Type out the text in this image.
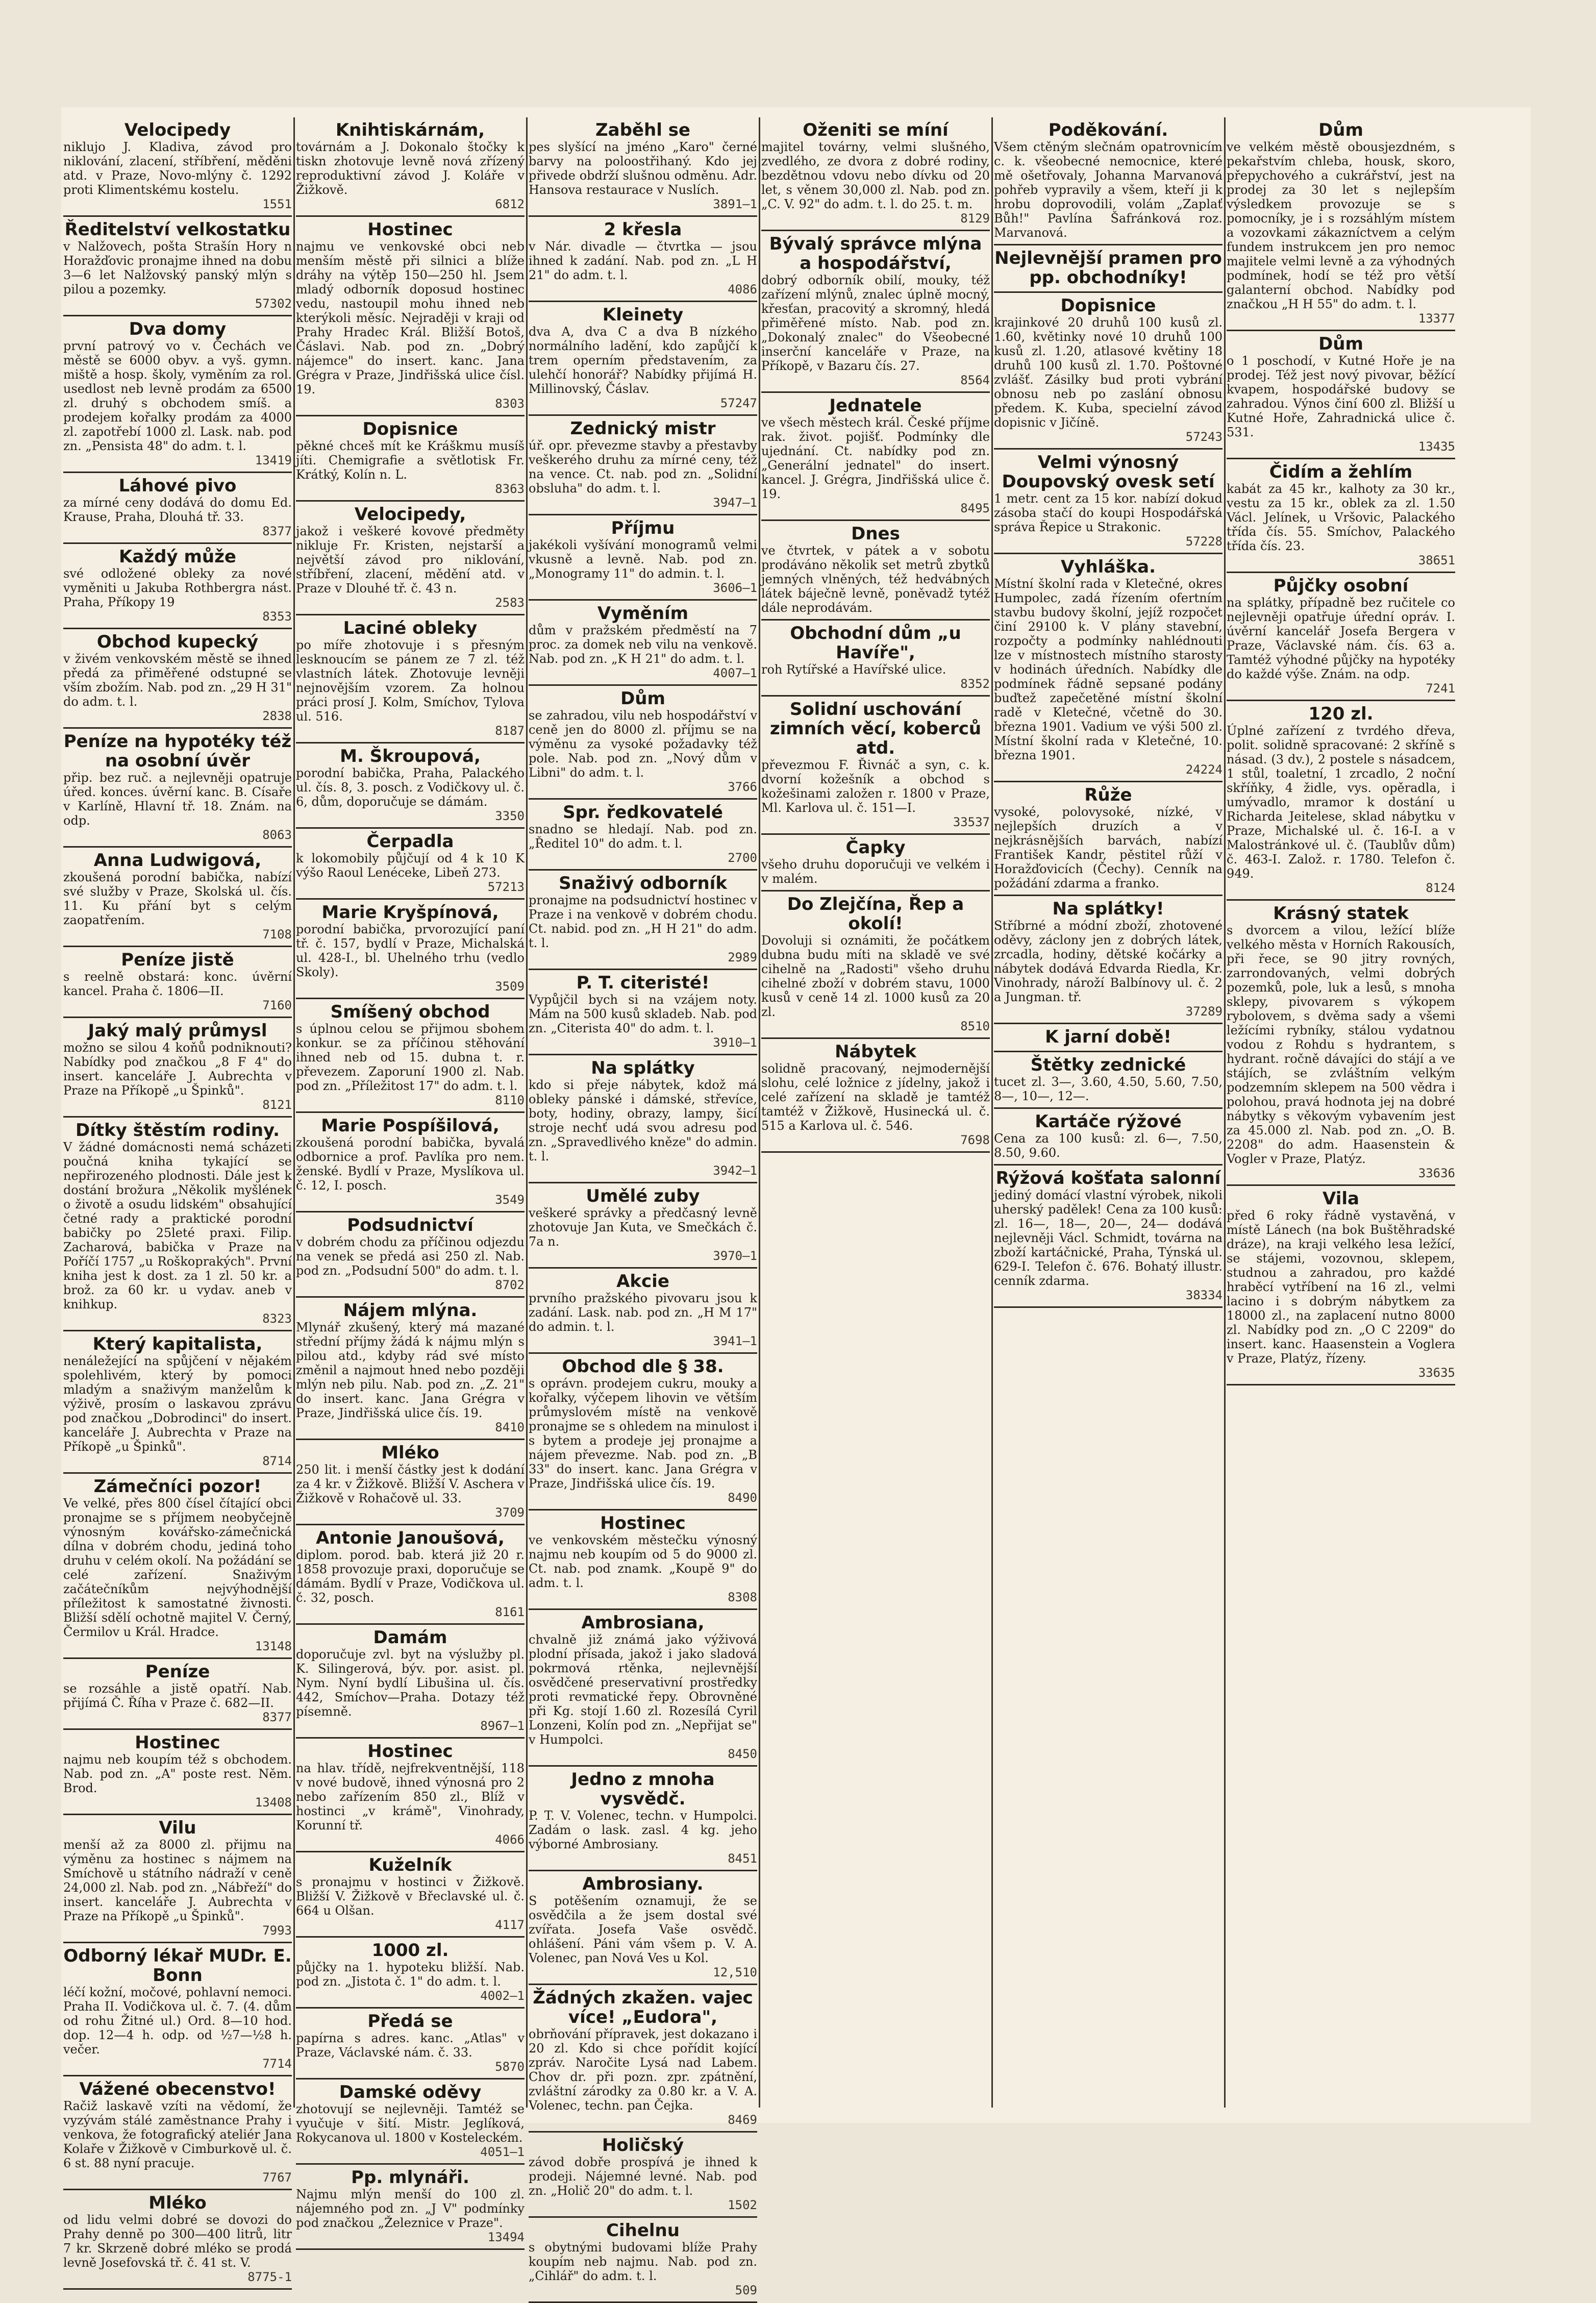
Velocipedy
niklujo J. Kladiva, závod pro niklování, zlacení, stříbření, měděni atd. v Praze, Novo-mlýny č. 1292 proti Klimentskému kostelu.
1551
Ředitelství velkostatku
v Nalžovech, pošta Strašín Hory n Horažďovic pronajme ihned na dobu 3—6 let Nalžovský panský mlýn s pilou a pozemky.
57302
Dva domy
první patrový vo v. Čechách ve městě se 6000 obyv. a vyš. gymn. miště a hosp. školy, vyměním za rol. usedlost neb levně prodám za 6500 zl. druhý s obchodem smíš. a prodejem kořalky prodám za 4000 zl. zapotřebí 1000 zl. Lask. nab. pod zn. „Pensista 48" do adm. t. l.
13419
Láhové pivo
za mírné ceny dodává do domu Ed. Krause, Praha, Dlouhá tř. 33.
8377
Každý může
své odložené obleky za nové vyměniti u Jakuba Rothbergra nást. Praha, Příkopy 19
8353
Obchod kupecký
v živém venkovském městě se ihned předá za přiměřené odstupné se vším zbožím. Nab. pod zn. „29 H 31" do adm. t. l.
2838
Peníze na hypotéky též na osobní úvěr
přip. bez ruč. a nejlevněji opatruje úřed. konces. úvěrní kanc. B. Císaře v Karlíně, Hlavní tř. 18. Znám. na odp.
8063
Anna Ludwigová,
zkoušená porodní babička, nabízí své služby v Praze, Skolská ul. čís. 11. Ku přání byt s celým zaopatřením.
7108
Peníze jistě
s reelně obstará: konc. úvěrní kancel. Praha č. 1806—II.
7160
Jaký malý průmysl
možno se silou 4 koňů podniknouti? Nabídky pod značkou „8 F 4" do insert. kanceláře J. Aubrechta v Praze na Příkopě „u Špinků".
8121
Dítky štěstím rodiny.
V žádné domácnosti nemá scházeti poučná kniha tykající se nepřirozeného plodnosti. Dále jest k dostání brožura „Několik myšlének o životě a osudu lidském" obsahující četné rady a praktické porodní babičky po 25leté praxi. Filip. Zacharová, babička v Praze na Poříčí 1757 „u Roškoprakých". První kniha jest k dost. za 1 zl. 50 kr. a brož. za 60 kr. u vydav. aneb v knihkup.
8323
Který kapitalista,
nenáležející na spůjčení v nějakém spolehlivém, který by pomoci mladým a snaživým manželům k výživě, prosím o laskavou zprávu pod značkou „Dobrodinci" do insert. kanceláře J. Aubrechta v Praze na Příkopě „u Špinků".
8714
Zámečníci pozor!
Ve velké, přes 800 čísel čítající obci pronajme se s příjmem neobyčejně výnosným kovářsko-zámečnická dílna v dobrém chodu, jediná toho druhu v celém okolí. Na požádání se celé zařízení. Snaživým začátečníkům nejvýhodnější příležitost k samostatné živnosti. Bližší sdělí ochotně majitel V. Černý, Čermilov u Král. Hradce.
13148
Peníze
se rozsáhle a jistě opatří. Nab. přijímá Č. Říha v Praze č. 682—II.
8377
Hostinec
najmu neb koupím též s obchodem. Nab. pod zn. „A" poste rest. Něm. Brod.
13408
Vilu
menší až za 8000 zl. přijmu na výměnu za hostinec s nájmem na Smíchově u státního nádraží v ceně 24,000 zl. Nab. pod zn. „Nábřeží" do insert. kanceláře J. Aubrechta v Praze na Příkopě „u Špinků".
7993
Odborný lékař MUDr. E. Bonn
léčí kožní, močové, pohlavní nemoci. Praha II. Vodičkova ul. č. 7. (4. dům od rohu Žitné ul.) Ord. 8—10 hod. dop. 12—4 h. odp. od ½7—½8 h. večer.
7714
Vážené obecenstvo!
Račiž laskavě vzíti na vědomí, že vyzývám stálé zaměstnance Prahy i venkova, že fotografický ateliér Jana Kolaře v Žižkově v Cimburkově ul. č. 6 st. 88 nyní pracuje.
7767
Mléko
od lidu velmi dobré se dovozi do Prahy denně po 300—400 litrů, litr 7 kr. Skrzeně dobré mléko se prodá levně Josefovská tř. č. 41 st. V.
8775-1
Knihtiskárnám,
továrnám a J. Dokonalo štočky k tiskn zhotovuje levně nová zřízený reproduktivní závod J. Koláře v Žižkově.
6812
Hostinec
najmu ve venkovské obci neb menším městě při silnici a blíže dráhy na výtěp 150—250 hl. Jsem mladý odborník doposud hostinec vedu, nastoupil mohu ihned neb kterýkoli měsíc. Nejraději v kraji od Prahy Hradec Král. Bližší Botoš, Čáslavi. Nab. pod zn. „Dobrý nájemce" do insert. kanc. Jana Grégra v Praze, Jindřišská ulice čísl. 19.
8303
Dopisnice
pěkné chceš mít ke Kráškmu musíš jíti. Chemigrafie a světlotisk Fr. Krátký, Kolín n. L.
8363
Velocipedy,
jakož i veškeré kovové předměty nikluje Fr. Kristen, nejstarší a největší závod pro niklování, stříbření, zlacení, mědění atd. v Praze v Dlouhé tř. č. 43 n.
2583
Laciné obleky
po míře zhotovuje i s přesným lesknoucím se pánem ze 7 zl. též vlastních látek. Zhotovuje levněji nejnovějším vzorem. Za holnou práci prosí J. Kolm, Smíchov, Tylova ul. 516.
8187
M. Škroupová,
porodní babička, Praha, Palackého ul. čís. 8, 3. posch. z Vodičkovy ul. č. 6, dům, doporučuje se dámám.
3350
Čerpadla
k lokomobily půjčují od 4 k 10 K výšo Raoul Lenéceke, Libeň 273.
57213
Marie Kryšpínová,
porodní babička, prvorozující paní tř. č. 157, bydlí v Praze, Michalská ul. 428-I., bl. Uhelného trhu (vedlo Skoly).
3509
Smíšený obchod
s úplnou celou se přijmou sbohem konkur. se za příčinou stěhování ihned neb od 15. dubna t. r. převezem. Zaporuní 1900 zl. Nab. pod zn. „Příležitost 17" do adm. t. l.
8110
Marie Pospíšilová,
zkoušená porodní babička, byvalá odbornice a prof. Pavlíka pro nem. ženské. Bydlí v Praze, Myslíkova ul. č. 12, I. posch.
3549
Podsudnictví
v dobrém chodu za příčinou odjezdu na venek se předá asi 250 zl. Nab. pod zn. „Podsudní 500" do adm. t. l.
8702
Nájem mlýna.
Mlynář zkušený, který má mazané střední příjmy žádá k nájmu mlýn s pilou atd., kdyby rád své místo změnil a najmout hned nebo později mlýn neb pilu. Nab. pod zn. „Z. 21" do insert. kanc. Jana Grégra v Praze, Jindřišská ulice čís. 19.
8410
Mléko
250 lit. i menší částky jest k dodání za 4 kr. v Žižkově. Bližší V. Aschera v Žižkově v Rohačově ul. 33.
3709
Antonie Janoušová,
diplom. porod. bab. která již 20 r. 1858 provozuje praxi, doporučuje se dámám. Bydlí v Praze, Vodičkova ul. č. 32, posch.
8161
Damám
doporučuje zvl. byt na výslužby pl. K. Silingerová, býv. por. asist. pl. Nym. Nyní bydlí Libušina ul. čís. 442, Smíchov—Praha. Dotazy též písemně.
8967—1
Hostinec
na hlav. třídě, nejfrekventnější, 118 v nové budově, ihned výnosná pro 2 nebo zařízením 850 zl., Blíž v hostinci „v krámě", Vinohrady, Korunní tř.
4066
Kuželník
s pronajmu v hostinci v Žižkově. Bližší V. Žižkově v Břeclavské ul. č. 664 u Olšan.
4117
1000 zl.
půjčky na 1. hypoteku bližší. Nab. pod zn. „Jistota č. 1" do adm. t. l.
4002—1
Předá se
papírna s adres. kanc. „Atlas" v Praze, Václavské nám. č. 33.
5870
Damské oděvy
zhotovují se nejlevněji. Tamtéž se vyučuje v šití. Mistr. Jeglíková, Rokycanova ul. 1800 v Kosteleckém.
4051—1
Pp. mlynáři.
Najmu mlýn menší do 100 zl. nájemného pod zn. „J V" podmínky pod značkou „Železnice v Praze".
13494
Zaběhl se
pes slyšící na jméno „Karo" černé barvy na poloostřihaný. Kdo jej přivede obdrží slušnou odměnu. Adr. Hansova restaurace v Nuslích.
3891—1
2 křesla
v Nár. divadle — čtvrtka — jsou ihned k zadání. Nab. pod zn. „L H 21" do adm. t. l.
4086
Kleinety
dva A, dva C a dva B nízkého normálního ladění, kdo zapůjčí k trem operním představením, za ulehčí honorář? Nabídky přijímá H. Millinovský, Čáslav.
57247
Zednický mistr
úř. opr. převezme stavby a přestavby veškerého druhu za mírné ceny, též na vence. Ct. nab. pod zn. „Solidní obsluha" do adm. t. l.
3947—1
Příjmu
jakékoli vyšívání monogramů velmi vkusně a levně. Nab. pod zn. „Monogramy 11" do admin. t. l.
3606—1
Vyměním
dům v pražském předměstí na 7 proc. za domek neb vilu na venkově. Nab. pod zn. „K H 21" do adm. t. l.
4007—1
Dům
se zahradou, vilu neb hospodářství v ceně jen do 8000 zl. příjmu se na výměnu za vysoké požadavky též pole. Nab. pod zn. „Nový dům v Libni" do adm. t. l.
3766
Spr. ředkovatelé
snadno se hledají. Nab. pod zn. „Ředitel 10" do adm. t. l.
2700
Snaživý odborník
pronajme na podsudnictví hostinec v Praze i na venkově v dobrém chodu. Ct. nabid. pod zn. „H H 21" do adm. t. l.
2989
P. T. citeristé!
Vypůjčil bych si na vzájem noty. Mám na 500 kusů skladeb. Nab. pod zn. „Citerista 40" do adm. t. l.
3910—1
Na splátky
kdo si přeje nábytek, kdož má obleky pánské i dámské, střevíce, boty, hodiny, obrazy, lampy, šicí stroje nechť udá svou adresu pod zn. „Spravedlivého kněze" do admin. t. l.
3942—1
Umělé zuby
veškeré správky a předčasný levně zhotovuje Jan Kuta, ve Smečkách č. 7a n.
3970—1
Akcie
prvního pražského pivovaru jsou k zadání. Lask. nab. pod zn. „H M 17" do admin. t. l.
3941—1
Obchod dle § 38.
s oprávn. prodejem cukru, mouky a kořalky, výčepem lihovin ve větším průmyslovém místě na venkově pronajme se s ohledem na minulost i s bytem a prodeje jej pronajme a nájem převezme. Nab. pod zn. „B 33" do insert. kanc. Jana Grégra v Praze, Jindřišská ulice čís. 19.
8490
Hostinec
ve venkovském městečku výnosný najmu neb koupím od 5 do 9000 zl. Ct. nab. pod znamk. „Koupě 9" do adm. t. l.
8308
Ambrosiana,
chvalně již známá jako výživová plodní přísada, jakož i jako sladová pokrmová rtěnka, nejlevnější osvědčené preservativní prostředky proti revmatické řepy. Obrovněné při Kg. stojí 1.60 zl. Rozesílá Cyril Lonzeni, Kolín pod zn. „Nepřijat se" v Humpolci.
8450
Jedno z mnoha vysvědč.
P. T. V. Volenec, techn. v Humpolci. Zadám o lask. zasl. 4 kg. jeho výborné Ambrosiany.
8451
Ambrosiany.
S potěšením oznamuji, že se osvědčila a že jsem dostal své zvířata. Josefa Vaše osvědč. ohlášení. Páni vám všem p. V. A. Volenec, pan Nová Ves u Kol.
12,510
Žádných zkažen. vajec více! „Eudora",
obrňování přípravek, jest dokazano i 20 zl. Kdo si chce pořídit kojící zpráv. Naročite Lysá nad Labem. Chov dr. při pozn. zpr. zpátnění, zvláštní zárodky za 0.80 kr. a V. A. Volenec, techn. pan Čejka.
8469
Holičský
závod dobře prospívá je ihned k prodeji. Nájemné levné. Nab. pod zn. „Holič 20" do adm. t. l.
1502
Cihelnu
s obytnými budovami blíže Prahy koupím neb najmu. Nab. pod zn. „Cihlář" do adm. t. l.
509
Oženiti se míní
majitel továrny, velmi slušného, zvedlého, ze dvora z dobré rodiny, bezdětnou vdovu nebo dívku od 20 let, s věnem 30,000 zl. Nab. pod zn. „C. V. 92" do adm. t. l. do 25. t. m.
8129
Bývalý správce mlýna a hospodářství,
dobrý odborník obilí, mouky, též zařízení mlýnů, znalec úplně mocný, křesťan, pracovitý a skromný, hledá přiměřené místo. Nab. pod zn. „Dokonalý znalec" do Všeobecné inserční kanceláře v Praze, na Příkopě, v Bazaru čís. 27.
8564
Jednatele
ve všech městech král. České příjme rak. život. pojišť. Podmínky dle ujednání. Ct. nabídky pod zn. „Generální jednatel" do insert. kancel. J. Grégra, Jindřišská ulice č. 19.
8495
Dnes
ve čtvrtek, v pátek a v sobotu prodáváno několik set metrů zbytků jemných vlněných, též hedvábných látek báječně levně, poněvadž tytéž dále neprodávám.
Obchodní dům „u Havíře",
roh Rytířské a Havířské ulice.
8352
Solidní uschování zimních věcí, koberců atd.
převezmou F. Řivnáč a syn, c. k. dvorní kožešník a obchod s kožešinami založen r. 1800 v Praze, Ml. Karlova ul. č. 151—I.
33537
Čapky
všeho druhu doporučuji ve velkém i v malém.
Do Zlejčína, Řep a okolí!
Dovoluji si oznámiti, že počátkem dubna budu míti na skladě ve své cihelně na „Radosti" všeho druhu cihelné zboží v dobrém stavu, 1000 kusů v ceně 14 zl. 1000 kusů za 20 zl.
8510
Nábytek
solidně pracovaný, nejmodernější slohu, celé ložnice z jídelny, jakož i celé zařízení na skladě je tamtéž tamtéž v Žižkově, Husinecká ul. č. 515 a Karlova ul. č. 546.
7698
Poděkování.
Všem ctěným slečnám opatrovnicím c. k. všeobecné nemocnice, které mě ošetřovaly, Johanna Marvanová pohřeb vypravily a všem, kteří ji k hrobu doprovodili, volám „Zaplať Bůh!" Pavlína Šafránková roz. Marvanová.
Nejlevnější pramen pro pp. obchodníky!
Dopisnice
krajinkové 20 druhů 100 kusů zl. 1.60, květinky nové 10 druhů 100 kusů zl. 1.20, atlasové květiny 18 druhů 100 kusů zl. 1.70. Poštovné zvlášť. Zásilky bud proti vybrání obnosu neb po zaslání obnosu předem. K. Kuba, specielní závod dopisnic v Jičíně.
57243
Velmi výnosný Doupovský ovesk setí
1 metr. cent za 15 kor. nabízí dokud zásoba stačí do koupi Hospodářská správa Řepice u Strakonic.
57228
Vyhláška.
Místní školní rada v Kletečné, okres Humpolec, zadá řízením ofertním stavbu budovy školní, jejíž rozpočet činí 29100 k. V plány stavební, rozpočty a podmínky nahlédnouti lze v místnostech místního starosty v hodinách úředních. Nabídky dle podmínek řádně sepsané podány buďtež zapečetěné místní školní radě v Kletečné, včetně do 30. března 1901. Vadium ve výši 500 zl. Místní školní rada v Kletečné, 10. března 1901.
24224
Růže
vysoké, polovysoké, nízké, v nejlepších druzích a v nejkrásnějších barvách, nabízí František Kandr, pěstitel růží v Horažďovicích (Čechy). Cenník na požádání zdarma a franko.
Na splátky!
Stříbrné a módní zboží, zhotovené oděvy, záclony jen z dobrých látek, zrcadla, hodiny, dětské kočárky a nábytek dodává Edvarda Riedla, Kr. Vinohrady, nároží Balbínovy ul. č. 2 a Jungman. tř.
37289
K jarní době!
Štětky zednické
tucet zl. 3—, 3.60, 4.50, 5.60, 7.50, 8—, 10—, 12—.
Kartáče rýžové
Cena za 100 kusů: zl. 6—, 7.50, 8.50, 9.60.
Rýžová košťata salonní
jediný domácí vlastní výrobek, nikoli uherský padělek! Cena za 100 kusů: zl. 16—, 18—, 20—, 24— dodává nejlevněji Václ. Schmidt, továrna na zboží kartáčnické, Praha, Týnská ul. 629-I. Telefon č. 676. Bohatý illustr. cenník zdarma.
38334
Dům
ve velkém městě obousjezdném, s pekařstvím chleba, housk, skoro, přepychového a cukrářství, jest na prodej za 30 let s nejlepším výsledkem provozuje se s pomocníky, je i s rozsáhlým místem a vozovkami zákazníctvem a celým fundem instrukcem jen pro nemoc majitele velmi levně a za výhodných podmínek, hodí se též pro větší galanterní obchod. Nabídky pod značkou „H H 55" do adm. t. l.
13377
Dům
o 1 poschodí, v Kutné Hoře je na prodej. Též jest nový pivovar, běžící kvapem, hospodářské budovy se zahradou. Výnos činí 600 zl. Bližší u Kutné Hoře, Zahradnická ulice č. 531.
13435
Čidím a žehlím
kabát za 45 kr., kalhoty za 30 kr., vestu za 15 kr., oblek za zl. 1.50 Václ. Jelínek, u Vršovic, Palackého třída čís. 55. Smíchov, Palackého třída čís. 23.
38651
Půjčky osobní
na splátky, případně bez ručitele co nejlevněji opatřuje úřední opráv. I. úvěrní kancelář Josefa Bergera v Praze, Václavské nám. čís. 63 a. Tamtéž výhodné půjčky na hypotéky do každé výše. Znám. na odp.
7241
120 zl.
Úplné zařízení z tvrdého dřeva, polit. solidně spracované: 2 skříně s násad. (3 dv.), 2 postele s násadcem, 1 stůl, toaletní, 1 zrcadlo, 2 noční skříňky, 4 židle, vys. opěradla, i umývadlo, mramor k dostání u Richarda Jeitelese, sklad nábytku v Praze, Michalské ul. č. 16-I. a v Malostránkové ul. č. (Taublův dům) č. 463-I. Založ. r. 1780. Telefon č. 949.
8124
Krásný statek
s dvorcem a vilou, ležící blíže velkého města v Horních Rakousích, při řece, se 90 jitry rovných, zarrondovaných, velmi dobrých pozemků, pole, luk a lesů, s mnoha sklepy, pivovarem s výkopem rybolovem, s dvěma sady a všemi ležícími rybníky, stálou vydatnou vodou z Rohdu s hydrantem, s hydrant. ročně dávajíci do stájí a ve stájích, se zvláštním velkým podzemním sklepem na 500 vědra i polohou, pravá hodnota jej na dobré nábytky s věkovým vybavením jest za 45.000 zl. Nab. pod zn. „O. B. 2208" do adm. Haasenstein & Vogler v Praze, Platýz.
33636
Vila
před 6 roky řádně vystavěná, v místě Lánech (na bok Buštěhradské dráze), na kraji velkého lesa ležící, se stájemi, vozovnou, sklepem, studnou a zahradou, pro každé hraběcí vytříbení na 16 zl., velmi lacino i s dobrým nábytkem za 18000 zl., na zaplacení nutno 8000 zl. Nabídky pod zn. „O C 2209" do insert. kanc. Haasenstein a Voglera v Praze, Platýz, řízeny.
33635
